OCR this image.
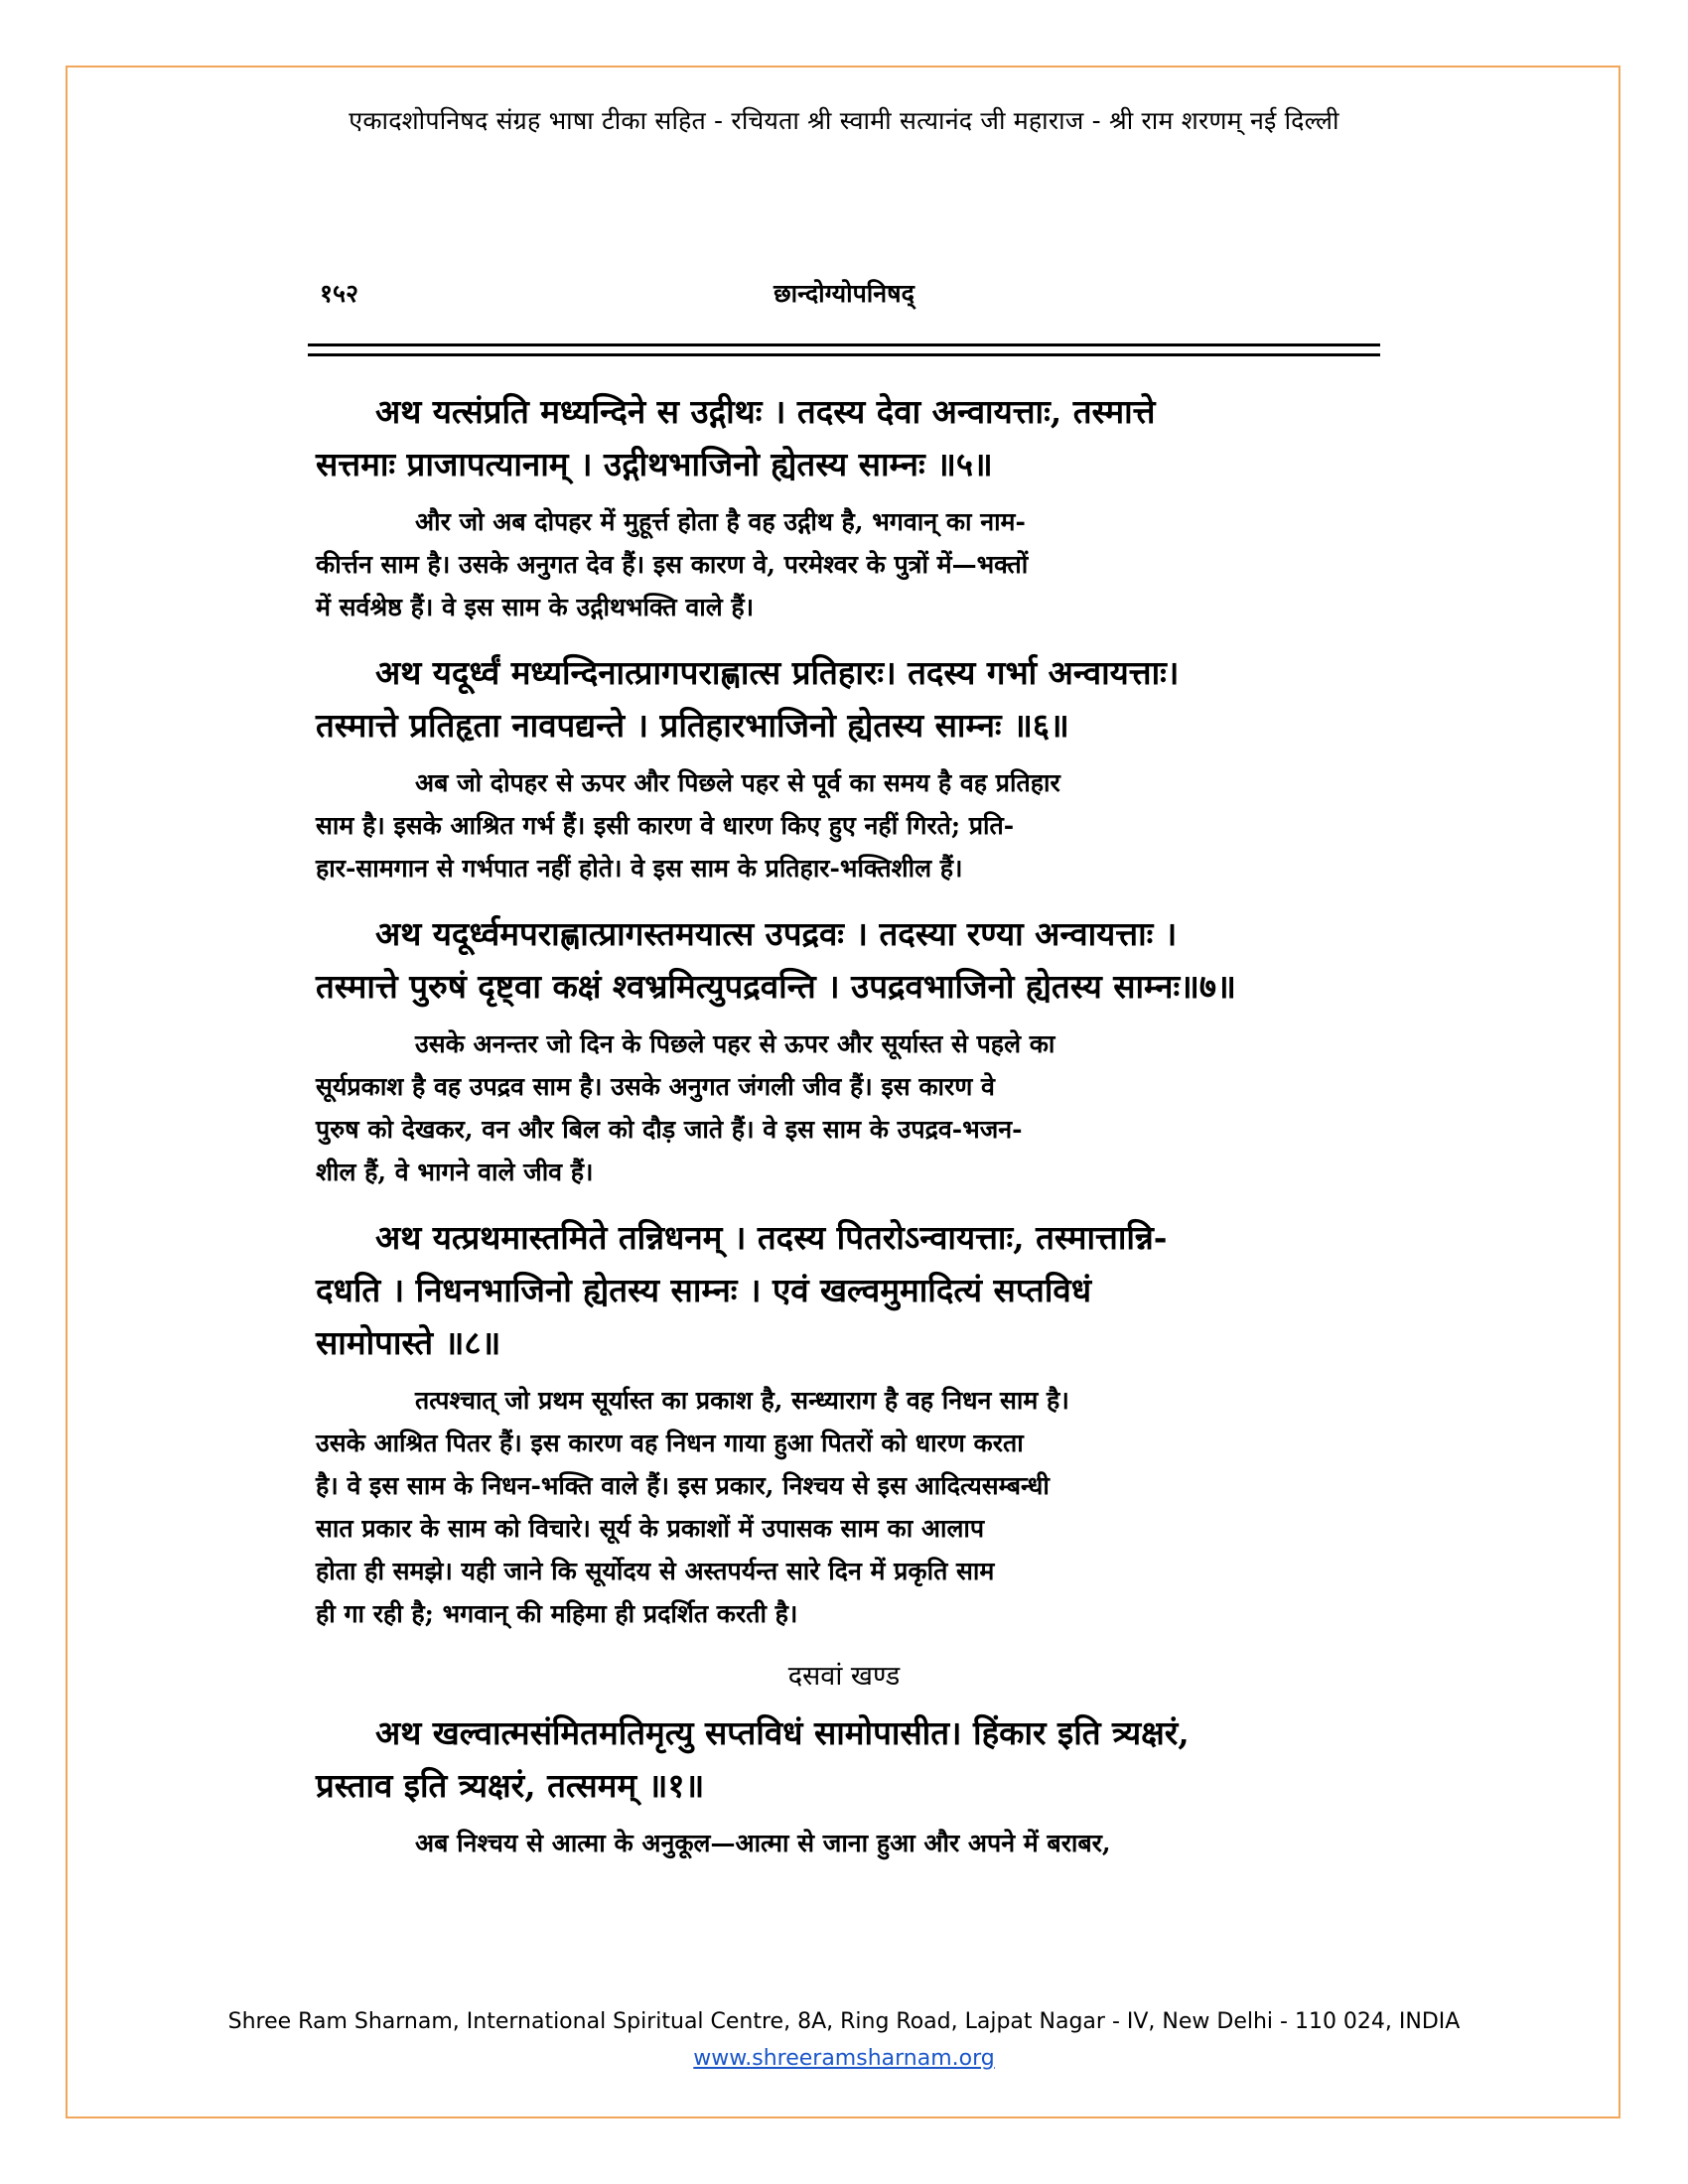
एकादशोपनिषद संग्रह भाषा टीका सहित - रचियता श्री स्वामी सत्यानंद जी महाराज - श्री राम शरणम् नई दिल्ली
१५२	छान्दोग्योपनिषद्
अथ यत्संप्रति मध्यन्दिने स उद्गीथः । तदस्य देवा अन्वायत्ताः, तस्मात्ते
सत्तमाः प्राजापत्यानाम् । उद्गीथभाजिनो ह्येतस्य साम्नः ॥५॥
और जो अब दोपहर में मुहूर्त्त होता है वह उद्गीथ है, भगवान् का नाम-
कीर्त्तन साम है। उसके अनुगत देव हैं। इस कारण वे, परमेश्वर के पुत्रों में—भक्तों
में सर्वश्रेष्ठ हैं। वे इस साम के उद्गीथभक्ति वाले हैं।
अथ यदूर्ध्वं मध्यन्दिनात्प्रागपराह्णात्स प्रतिहारः। तदस्य गर्भा अन्वायत्ताः।
तस्मात्ते प्रतिहृता नावपद्यन्ते । प्रतिहारभाजिनो ह्येतस्य साम्नः ॥६॥
अब जो दोपहर से ऊपर और पिछले पहर से पूर्व का समय है वह प्रतिहार
साम है। इसके आश्रित गर्भ हैं। इसी कारण वे धारण किए हुए नहीं गिरते; प्रति-
हार-सामगान से गर्भपात नहीं होते। वे इस साम के प्रतिहार-भक्तिशील हैं।
अथ यदूर्ध्वमपराह्णात्प्रागस्तमयात्स उपद्रवः । तदस्या रण्या अन्वायत्ताः ।
तस्मात्ते पुरुषं दृष्ट्वा कक्षं श्वभ्रमित्युपद्रवन्ति । उपद्रवभाजिनो ह्येतस्य साम्नः॥७॥
उसके अनन्तर जो दिन के पिछले पहर से ऊपर और सूर्यास्त से पहले का
सूर्यप्रकाश है वह उपद्रव साम है। उसके अनुगत जंगली जीव हैं। इस कारण वे
पुरुष को देखकर, वन और बिल को दौड़ जाते हैं। वे इस साम के उपद्रव-भजन-
शील हैं, वे भागने वाले जीव हैं।
अथ यत्प्रथमास्तमिते तन्निधनम् । तदस्य पितरोऽन्वायत्ताः, तस्मात्तान्नि-
दधति । निधनभाजिनो ह्येतस्य साम्नः । एवं खल्वमुमादित्यं सप्तविधं
सामोपास्ते ॥८॥
तत्पश्चात् जो प्रथम सूर्यास्त का प्रकाश है, सन्ध्याराग है वह निधन साम है।
उसके आश्रित पितर हैं। इस कारण वह निधन गाया हुआ पितरों को धारण करता
है। वे इस साम के निधन-भक्ति वाले हैं। इस प्रकार, निश्चय से इस आदित्यसम्बन्धी
सात प्रकार के साम को विचारे। सूर्य के प्रकाशों में उपासक साम का आलाप
होता ही समझे। यही जाने कि सूर्योदय से अस्तपर्यन्त सारे दिन में प्रकृति साम
ही गा रही है; भगवान् की महिमा ही प्रदर्शित करती है।
दसवां खण्ड
अथ खल्वात्मसंमितमतिमृत्यु सप्तविधं सामोपासीत। हिंकार इति त्र्यक्षरं,
प्रस्ताव इति त्र्यक्षरं, तत्समम् ॥१॥
अब निश्चय से आत्मा के अनुकूल—आत्मा से जाना हुआ और अपने में बराबर,
Shree Ram Sharnam, International Spiritual Centre, 8A, Ring Road, Lajpat Nagar - IV, New Delhi - 110 024, INDIA
www.shreeramsharnam.org
